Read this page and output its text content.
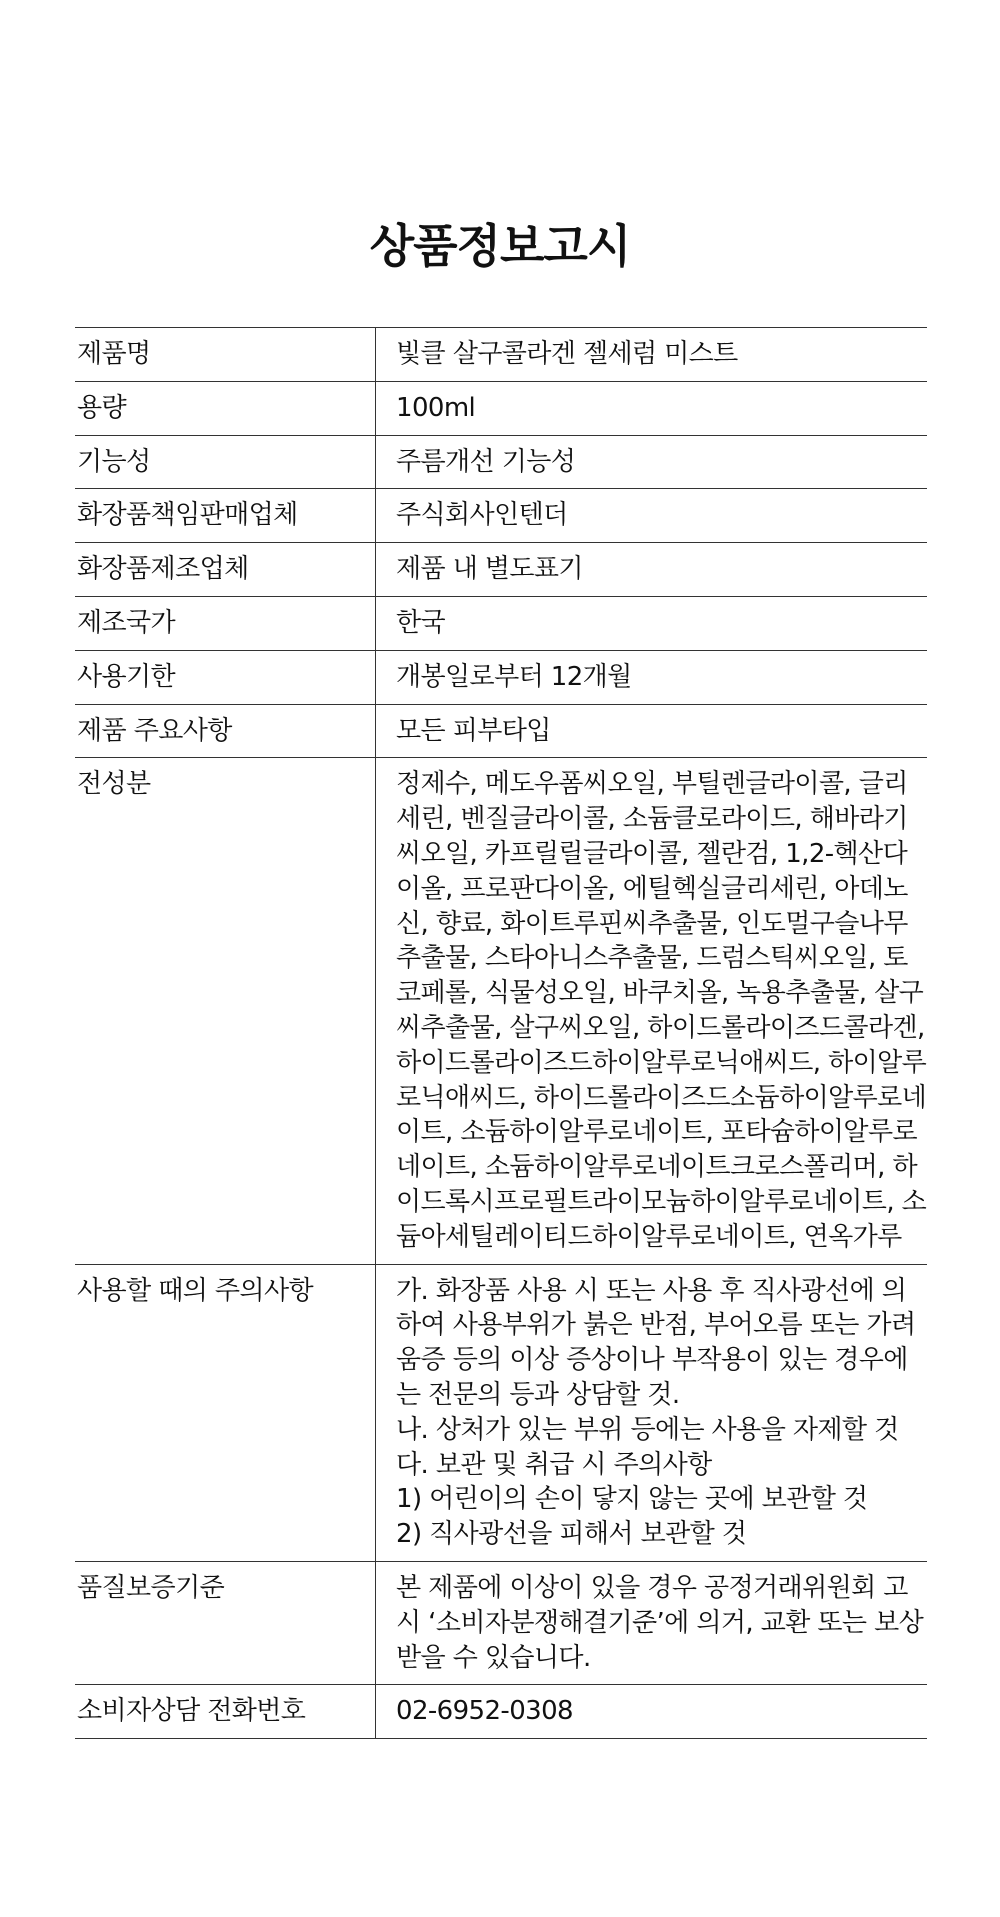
상품정보고시
제품명	빛클 살구콜라겐 젤세럼 미스트

용량	100ml

기능성	주름개선 기능성

화장품책임판매업체	주식회사인텐더

화장품제조업체	제품 내 별도표기

제조국가	한국

사용기한	개봉일로부터 12개월

제품 주요사항	모든 피부타입

전성분	정제수, 메도우폼씨오일, 부틸렌글라이콜, 글리세린, 벤질글라이콜, 소듐클로라이드, 해바라기씨오일, 카프릴릴글라이콜, 젤란검, 1,2-헥산다이올, 프로판다이올, 에틸헥실글리세린, 아데노신, 향료, 화이트루핀씨추출물, 인도멀구슬나무추출물, 스타아니스추출물, 드럼스틱씨오일, 토코페롤, 식물성오일, 바쿠치올, 녹용추출물, 살구씨추출물, 살구씨오일, 하이드롤라이즈드콜라겐, 하이드롤라이즈드하이알루로닉애씨드, 하이알루로닉애씨드, 하이드롤라이즈드소듐하이알루로네이트, 소듐하이알루로네이트, 포타슘하이알루로네이트, 소듐하이알루로네이트크로스폴리머, 하이드록시프로필트라이모늄하이알루로네이트, 소듐아세틸레이티드하이알루로네이트, 연옥가루

사용할 때의 주의사항	가. 화장품 사용 시 또는 사용 후 직사광선에 의하여 사용부위가 붉은 반점, 부어오름 또는 가려움증 등의 이상 증상이나 부작용이 있는 경우에는 전문의 등과 상담할 것.
나. 상처가 있는 부위 등에는 사용을 자제할 것
다. 보관 및 취급 시 주의사항
1) 어린이의 손이 닿지 않는 곳에 보관할 것
2) 직사광선을 피해서 보관할 것

품질보증기준	본 제품에 이상이 있을 경우 공정거래위원회 고시 ‘소비자분쟁해결기준’에 의거, 교환 또는 보상받을 수 있습니다.

소비자상담 전화번호	02-6952-0308
